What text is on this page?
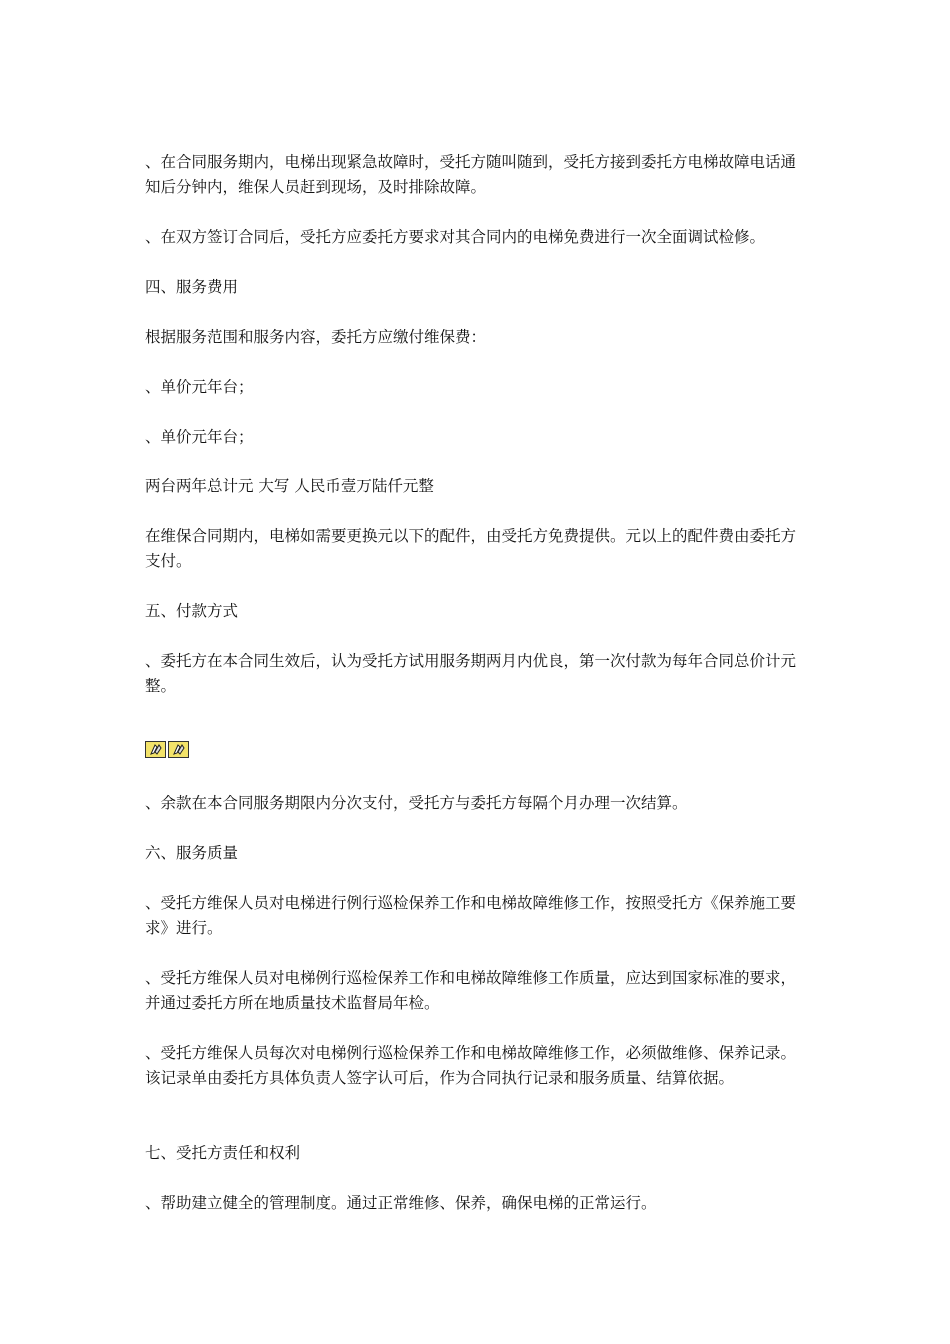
、在合同服务期内，电梯出现紧急故障时，受托方随叫随到，受托方接到委托方电梯故障电话通知后分钟内，维保人员赶到现场，及时排除故障。

、在双方签订合同后，受托方应委托方要求对其合同内的电梯免费进行一次全面调试检修。

四、服务费用

根据服务范围和服务内容，委托方应缴付维保费：

、单价元年台；

、单价元年台；

两台两年总计元 大写 人民币壹万陆仟元整

在维保合同期内，电梯如需要更换元以下的配件，由受托方免费提供。元以上的配件费由委托方支付。

五、付款方式

、委托方在本合同生效后，认为受托方试用服务期两月内优良，第一次付款为每年合同总价计元整。

、余款在本合同服务期限内分次支付，受托方与委托方每隔个月办理一次结算。

六、服务质量

、受托方维保人员对电梯进行例行巡检保养工作和电梯故障维修工作，按照受托方《保养施工要求》进行。

、受托方维保人员对电梯例行巡检保养工作和电梯故障维修工作质量，应达到国家标准的要求，并通过委托方所在地质量技术监督局年检。

、受托方维保人员每次对电梯例行巡检保养工作和电梯故障维修工作，必须做维修、保养记录。该记录单由委托方具体负责人签字认可后，作为合同执行记录和服务质量、结算依据。

七、受托方责任和权利

、帮助建立健全的管理制度。通过正常维修、保养，确保电梯的正常运行。
